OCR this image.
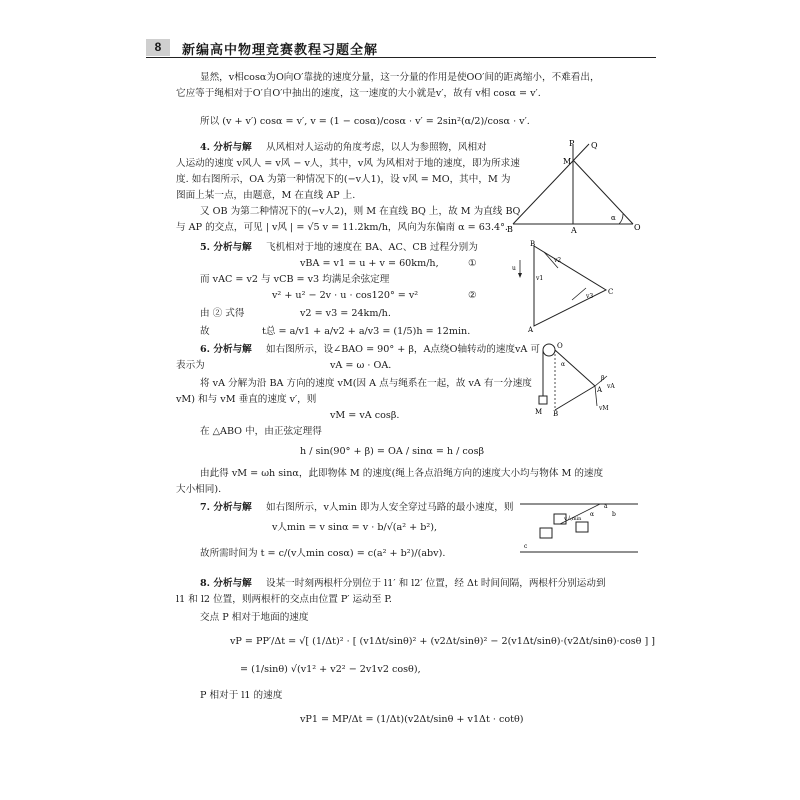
8	新编高中物理竞赛教程习题全解
显然，v相cosα为O向O′靠拢的速度分量，这一分量的作用是使OO′间的距离缩小，不难看出，
它应等于绳相对于O′自O′中抽出的速度，这一速度的大小就是v′，故有 v相 cosα = v′.
所以 (v + v′) cosα = v′, v = (1 − cosα)/cosα · v′ = 2sin²(α/2)/cosα · v′.
4. 分析与解 从风相对人运动的角度考虑，以人为参照物，风相对
人运动的速度 v风人 = v风 − v人，其中，v风 为风相对于地的速度，即为所求速
度. 如右图所示，OA 为第一种情况下的(−v人1)，设 v风 = MO，其中，M 为
图面上某一点，由题意，M 在直线 AP 上.
又 OB 为第二种情况下的(−v人2)，则 M 在直线 BQ 上，故 M 为直线 BQ
与 AP 的交点，可见 | v风 | = √5 v = 11.2km/h，风向为东偏南 α = 63.4°.
P Q
M
B	A	O
α
5. 分析与解 飞机相对于地的速度在 BA、AC、CB 过程分别为
vBA = v1 = u + v = 60km/h,	①
而 vAC = v2 与 vCB = v3 均满足余弦定理
v² + u² − 2v · u · cos120° = v²	②
由 ② 式得	v2 = v3 = 24km/h.
故	t总 = a/v1 + a/v2 + a/v3 = (1/5)h = 12min.
B
A
C
u
v1
v2
v3
6. 分析与解 如右图所示，设∠BAO = 90° + β，A点绕O轴转动的速度vA 可
表示为	vA = ω · OA.
将 vA 分解为沿 BA 方向的速度 vM(因 A 点与绳系在一起，故 vA 有一分速度
vM) 和与 vM 垂直的速度 v′，则
vM = vA cosβ.
在 △ABO 中，由正弦定理得
h / sin(90° + β) = OA / sinα = h / cosβ
由此得 vM = ωh sinα，此即物体 M 的速度(绳上各点沿绳方向的速度大小均与物体 M 的速度
大小相同).
O
A
B
M
α
β
vA
vM
7. 分析与解 如右图所示，v人min 即为人安全穿过马路的最小速度，则
v人min = v sinα = v · b/√(a² + b²),
故所需时间为 t = c/(v人min cosα) = c(a² + b²)/(abv).
a
b
α
v人min
c
8. 分析与解 设某一时刻两根杆分别位于 l1′ 和 l2′ 位置，经 Δt 时间间隔，两根杆分别运动到
l1 和 l2 位置，则两根杆的交点由位置 P′ 运动至 P.
交点 P 相对于地面的速度
vP = PP′/Δt = √[ (1/Δt)² · [ (v1Δt/sinθ)² + (v2Δt/sinθ)² − 2(v1Δt/sinθ)·(v2Δt/sinθ)·cosθ ] ]
= (1/sinθ) √(v1² + v2² − 2v1v2 cosθ),
P 相对于 l1 的速度
vP1 = MP/Δt = (1/Δt)(v2Δt/sinθ + v1Δt · cotθ)
